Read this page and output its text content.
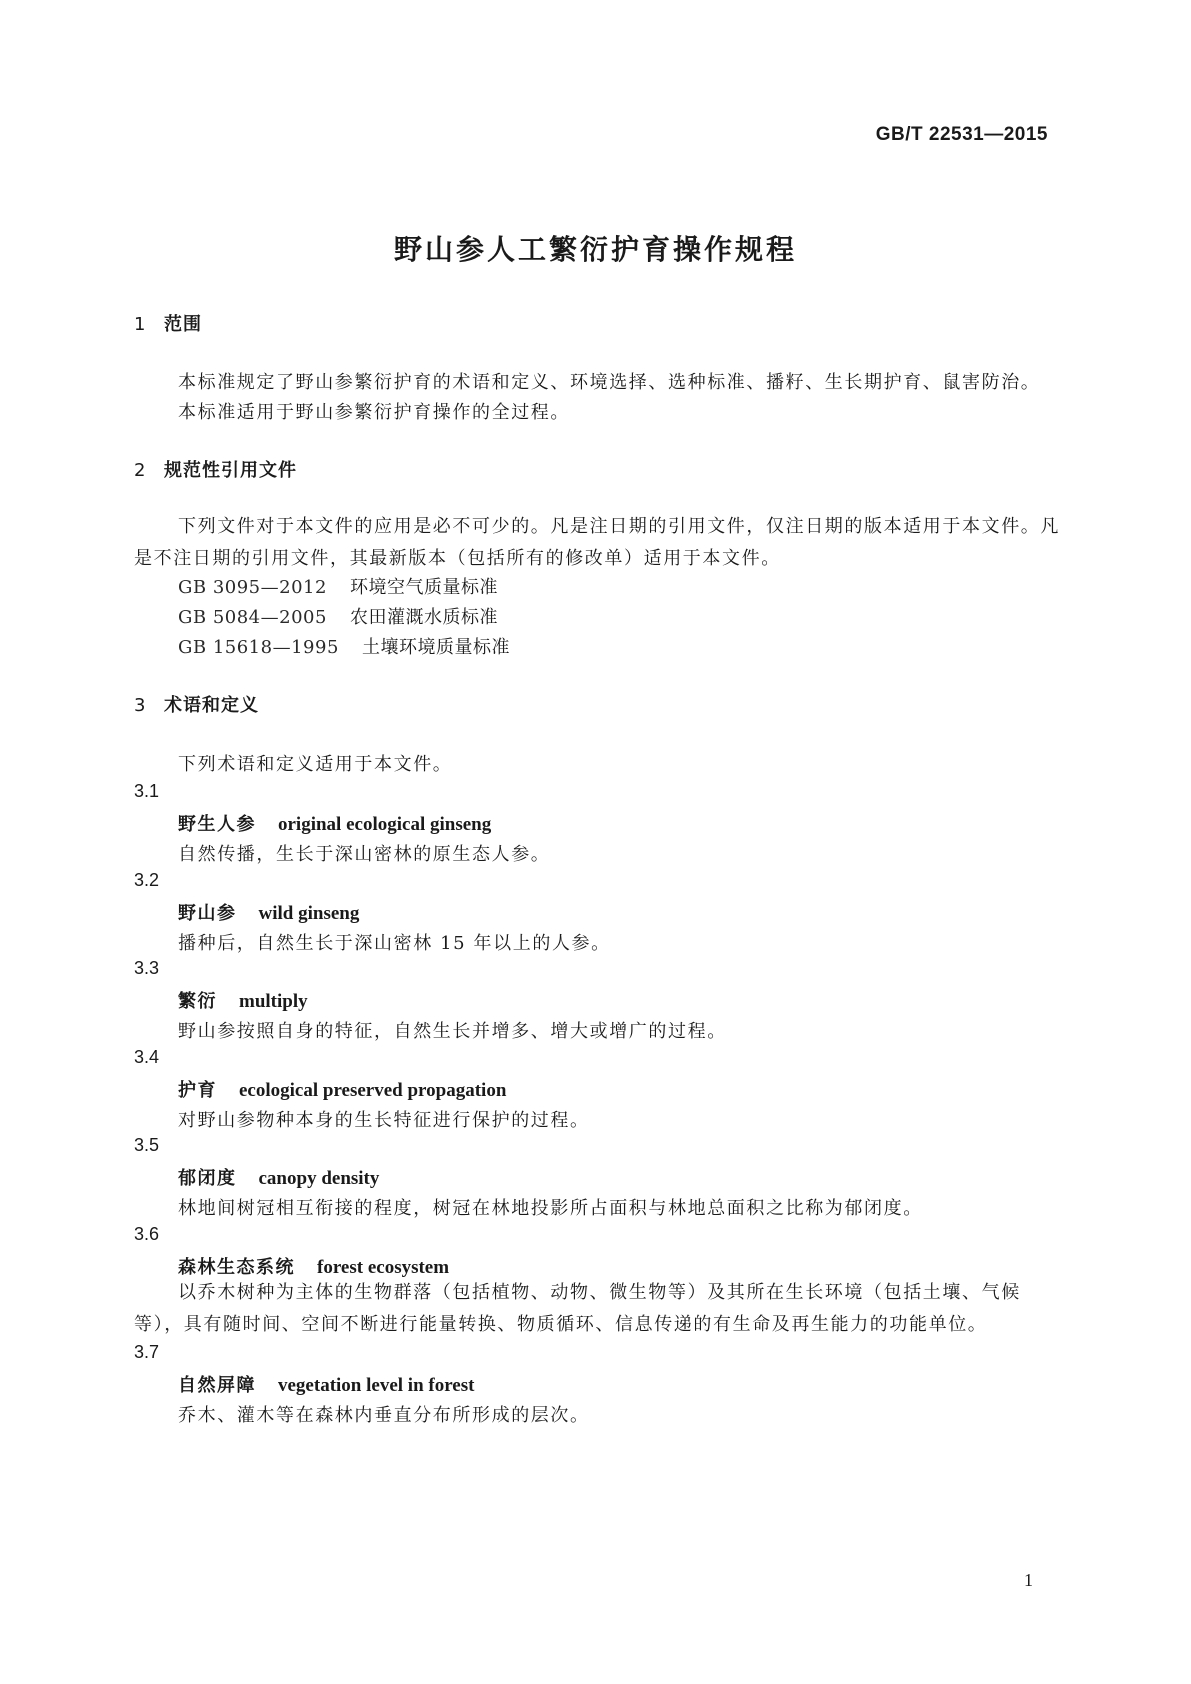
GB/T 22531—2015
野山参人工繁衍护育操作规程
1 范围
本标准规定了野山参繁衍护育的术语和定义、环境选择、选种标准、播籽、生长期护育、鼠害防治。
本标准适用于野山参繁衍护育操作的全过程。
2 规范性引用文件
下列文件对于本文件的应用是必不可少的。凡是注日期的引用文件，仅注日期的版本适用于本文件。凡是不注日期的引用文件，其最新版本（包括所有的修改单）适用于本文件。
GB 3095—2012 环境空气质量标准
GB 5084—2005 农田灌溉水质标准
GB 15618—1995 土壤环境质量标准
3 术语和定义
下列术语和定义适用于本文件。
3.1
野生人参 original ecological ginseng
自然传播，生长于深山密林的原生态人参。
3.2
野山参 wild ginseng
播种后，自然生长于深山密林 15 年以上的人参。
3.3
繁衍 multiply
野山参按照自身的特征，自然生长并增多、增大或增广的过程。
3.4
护育 ecological preserved propagation
对野山参物种本身的生长特征进行保护的过程。
3.5
郁闭度 canopy density
林地间树冠相互衔接的程度，树冠在林地投影所占面积与林地总面积之比称为郁闭度。
3.6
森林生态系统 forest ecosystem
以乔木树种为主体的生物群落（包括植物、动物、微生物等）及其所在生长环境（包括土壤、气候等），具有随时间、空间不断进行能量转换、物质循环、信息传递的有生命及再生能力的功能单位。
3.7
自然屏障 vegetation level in forest
乔木、灌木等在森林内垂直分布所形成的层次。
1
